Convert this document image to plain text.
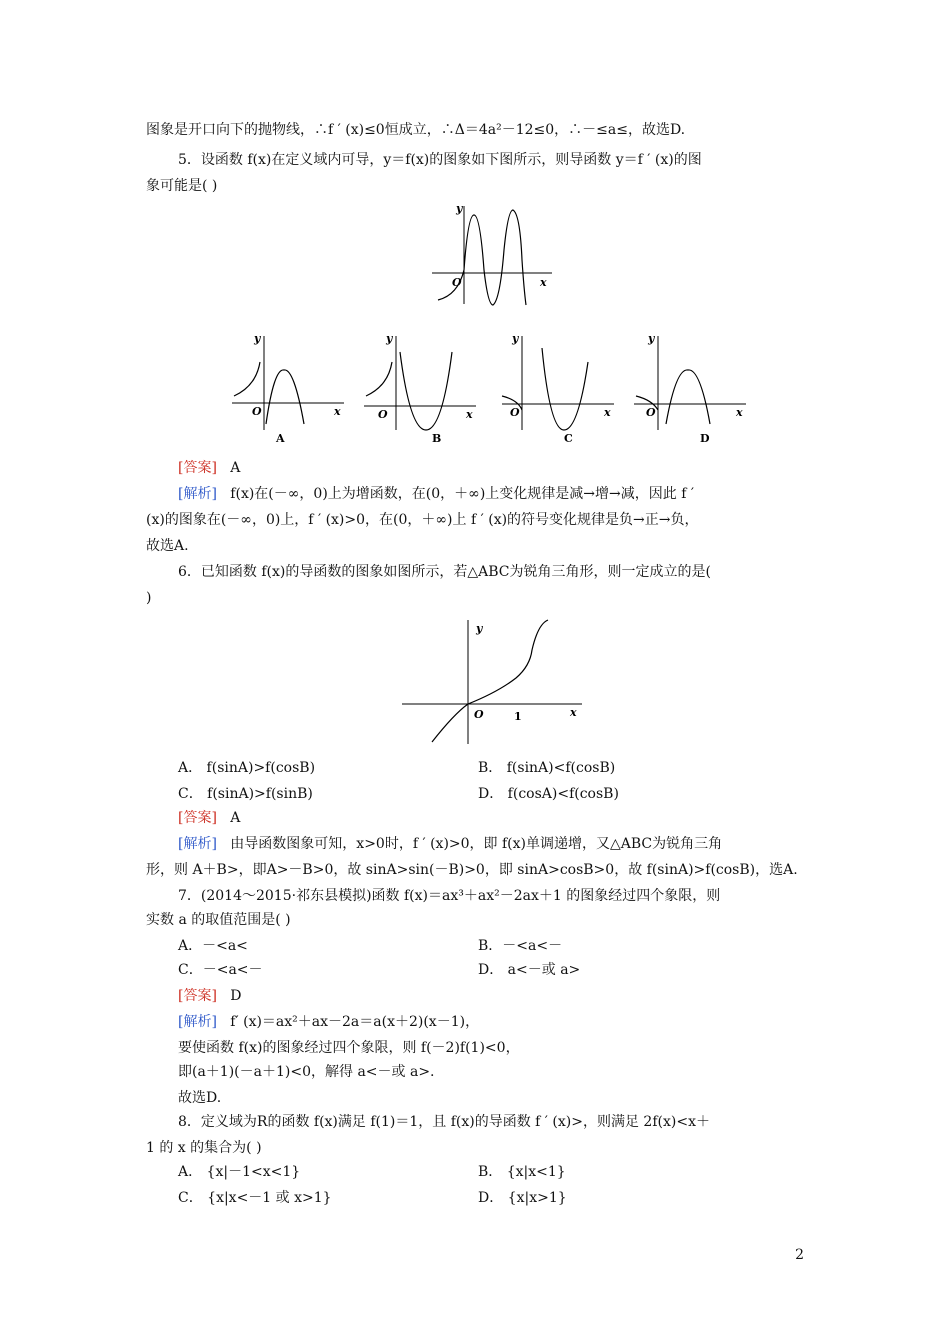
图象是开口向下的抛物线，∴f ′ (x)≤0恒成立，∴Δ＝4a²－12≤0，∴－≤a≤，故选D.
5．设函数 f(x)在定义域内可导，y＝f(x)的图象如下图所示，则导函数 y＝f ′ (x)的图
象可能是( )
y
x
O
y
x
O
A
y
x
O
B
y
x
O
C
y
x
O
D
[答案] A
[解析] f(x)在(－∞，0)上为增函数，在(0，＋∞)上变化规律是减→增→减，因此 f ′
(x)的图象在(－∞，0)上，f ′ (x)>0，在(0，＋∞)上 f ′ (x)的符号变化规律是负→正→负，
故选A.
6．已知函数 f(x)的导函数的图象如图所示，若△ABC为锐角三角形，则一定成立的是(
)
y
x
O	1
A． f(sinA)>f(cosB)	B． f(sinA)<f(cosB)
C． f(sinA)>f(sinB)	D． f(cosA)<f(cosB)
[答案] A
[解析] 由导函数图象可知，x>0时，f ′ (x)>0，即 f(x)单调递增，又△ABC为锐角三角
形，则 A＋B>，即A>－B>0，故 sinA>sin(－B)>0，即 sinA>cosB>0，故 f(sinA)>f(cosB)，选A.
7．(2014～2015·祁东县模拟)函数 f(x)＝ax³＋ax²－2ax＋1 的图象经过四个象限，则
实数 a 的取值范围是( )
A．－<a<	B．－<a<－
C．－<a<－	D． a<－或 a>
[答案] D
[解析] f′ (x)＝ax²＋ax－2a＝a(x＋2)(x－1)，
要使函数 f(x)的图象经过四个象限，则 f(－2)f(1)<0，
即(a＋1)(－a＋1)<0，解得 a<－或 a>.
故选D.
8．定义域为R的函数 f(x)满足 f(1)＝1，且 f(x)的导函数 f ′ (x)>，则满足 2f(x)<x＋
1 的 x 的集合为( )
A． {x|－1<x<1}	B． {x|x<1}
C． {x|x<－1 或 x>1}	D． {x|x>1}
2
